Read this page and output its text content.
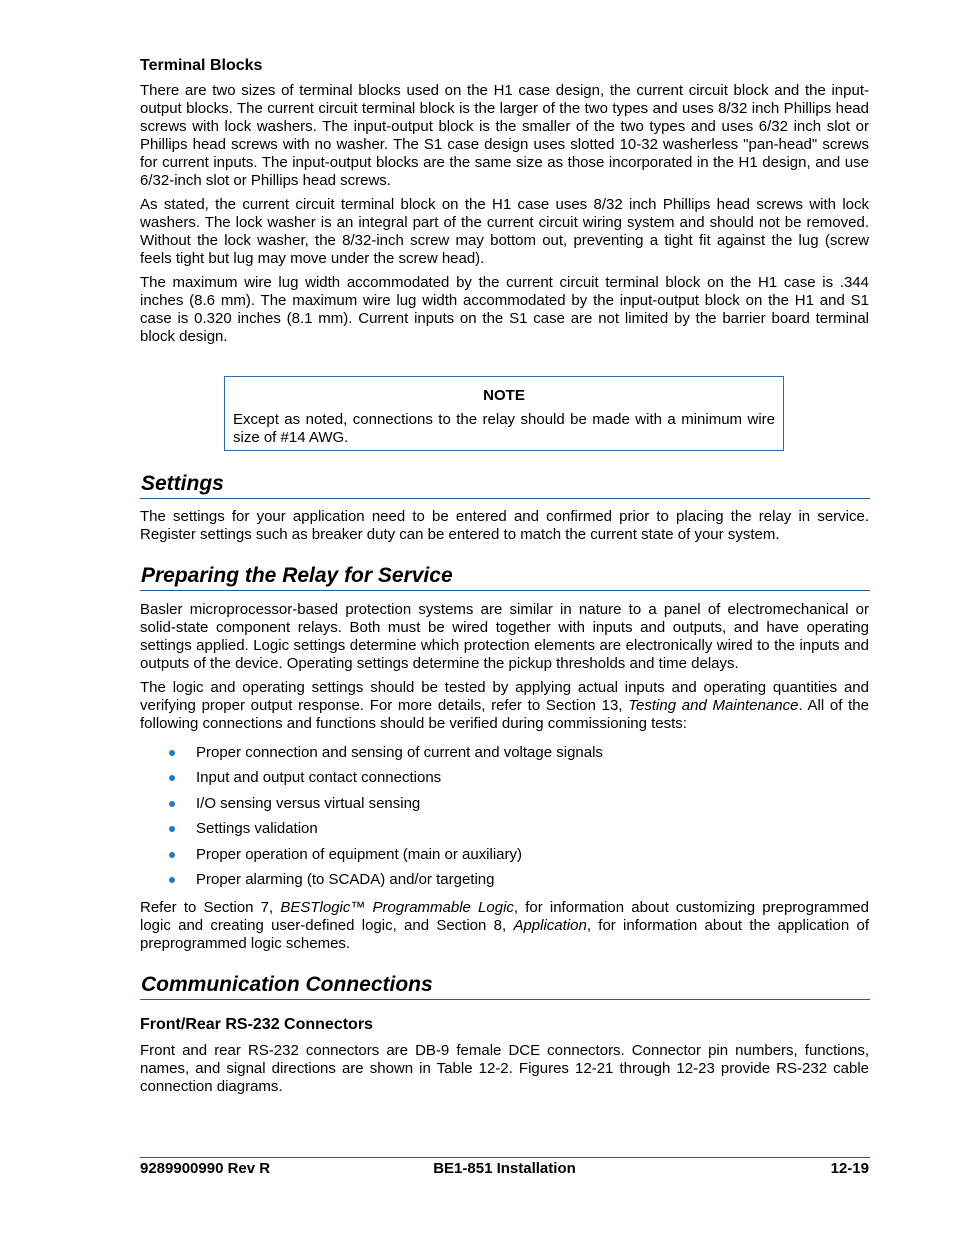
Terminal Blocks

There are two sizes of terminal blocks used on the H1 case design, the current circuit block and the input-output blocks. The current circuit terminal block is the larger of the two types and uses 8/32 inch Phillips head screws with lock washers. The input-output block is the smaller of the two types and uses 6/32 inch slot or Phillips head screws with no washer. The S1 case design uses slotted 10-32 washerless "pan-head" screws for current inputs. The input-output blocks are the same size as those incorporated in the H1 design, and use 6/32-inch slot or Phillips head screws.

As stated, the current circuit terminal block on the H1 case uses 8/32 inch Phillips head screws with lock washers. The lock washer is an integral part of the current circuit wiring system and should not be removed. Without the lock washer, the 8/32-inch screw may bottom out, preventing a tight fit against the lug (screw feels tight but lug may move under the screw head).

The maximum wire lug width accommodated by the current circuit terminal block on the H1 case is .344 inches (8.6 mm). The maximum wire lug width accommodated by the input-output block on the H1 and S1 case is 0.320 inches (8.1 mm). Current inputs on the S1 case are not limited by the barrier board terminal block design.

NOTE
Except as noted, connections to the relay should be made with a minimum wire size of #14 AWG.
Settings

The settings for your application need to be entered and confirmed prior to placing the relay in service. Register settings such as breaker duty can be entered to match the current state of your system.

Preparing the Relay for Service

Basler microprocessor-based protection systems are similar in nature to a panel of electromechanical or solid-state component relays. Both must be wired together with inputs and outputs, and have operating settings applied. Logic settings determine which protection elements are electronically wired to the inputs and outputs of the device. Operating settings determine the pickup thresholds and time delays.

The logic and operating settings should be tested by applying actual inputs and operating quantities and verifying proper output response. For more details, refer to Section 13, Testing and Maintenance. All of the following connections and functions should be verified during commissioning tests:

Proper connection and sensing of current and voltage signals
Input and output contact connections
I/O sensing versus virtual sensing
Settings validation
Proper operation of equipment (main or auxiliary)
Proper alarming (to SCADA) and/or targeting

Refer to Section 7, BESTlogic™ Programmable Logic, for information about customizing preprogrammed logic and creating user-defined logic, and Section 8, Application, for information about the application of preprogrammed logic schemes.

Communication Connections
Front/Rear RS-232 Connectors

Front and rear RS-232 connectors are DB-9 female DCE connectors. Connector pin numbers, functions, names, and signal directions are shown in Table 12-2. Figures 12-21 through 12-23 provide RS-232 cable connection diagrams.

9289900990 Rev R	BE1-851 Installation	12-19
